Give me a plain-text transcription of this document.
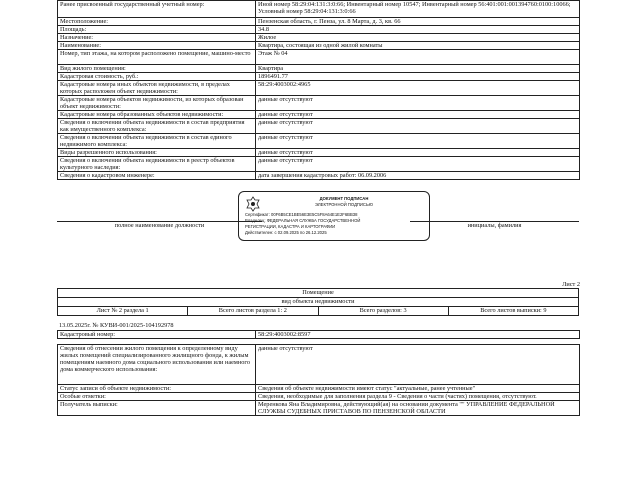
Ранее присвоенный государственный учетный номер:	Иной номер 58:29:04:131:3:0:66; Инвентарный номер 10547; Инвентарный номер 56:401:001:001394760:0100:10066; Условный номер 58:29:04:131:3:0:66
Местоположение:	Пензенская область, г. Пенза, ул. 8 Марта, д. 3, кв. 66
Площадь:	34.8
Назначение:	Жилое
Наименование:	Квартира, состоящая из одной жилой комнаты
Номер, тип этажа, на котором расположено помещение, машино-место	Этаж № 04
Вид жилого помещения:	Квартира
Кадастровая стоимость, руб.:	1896491.77
Кадастровые номера иных объектов недвижимости, в пределах которых расположен объект недвижимости:	58:29:4003002:4965
Кадастровые номера объектов недвижимости, из которых образован объект недвижимости:	данные отсутствуют
Кадастровые номера образованных объектов недвижимости:	данные отсутствуют
Сведения о включении объекта недвижимости в состав предприятия как имущественного комплекса:	данные отсутствуют
Сведения о включении объекта недвижимости в состав единого недвижимого комплекса:	данные отсутствуют
Виды разрешенного использования:	данные отсутствуют
Сведения о включении объекта недвижимости в реестр объектов культурного наследия:	данные отсутствуют
Сведения о кадастровом инженере:	дата завершения кадастровых работ: 06.09.2006
ДОКУМЕНТ ПОДПИСАН
ЭЛЕКТРОННОЙ ПОДПИСЬЮ
Сертификат: 00F6B5CE1BE56E3E5C5F8A64E1E2F6BB38
Владелец: ФЕДЕРАЛЬНАЯ СЛУЖБА ГОСУДАРСТВЕННОЙ
РЕГИСТРАЦИИ, КАДАСТРА И КАРТОГРАФИИ
Действителен: с 02.09.2025 по 26.12.2025
полное наименование должности	инициалы, фамилия
Лист 2
Помещение
вид объекта недвижимости
Лист № 2 раздела 1	Всего листов раздела 1: 2	Всего разделов: 3	Всего листов выписки: 9
13.05.2025г. № КУВИ-001/2025-104192978
Кадастровый номер:	58:29:4003002:8597
Сведения об отнесении жилого помещения к определенному виду жилых помещений специализированного жилищного фонда, к жилым помещениям наемного дома социального использования или наемного дома коммерческого использования:	данные отсутствуют
Статус записи об объекте недвижимости:	Сведения об объекте недвижимости имеют статус "актуальные, ранее учтенные"
Особые отметки:	Сведения, необходимые для заполнения раздела 9 - Сведения о части (частях) помещения, отсутствуют.
Получатель выписки:	Меренкова Яна Владимировна, действующий(ая) на основании документа "" УПРАВЛЕНИЕ ФЕДЕРАЛЬНОЙ СЛУЖБЫ СУДЕБНЫХ ПРИСТАВОВ ПО ПЕНЗЕНСКОЙ ОБЛАСТИ
